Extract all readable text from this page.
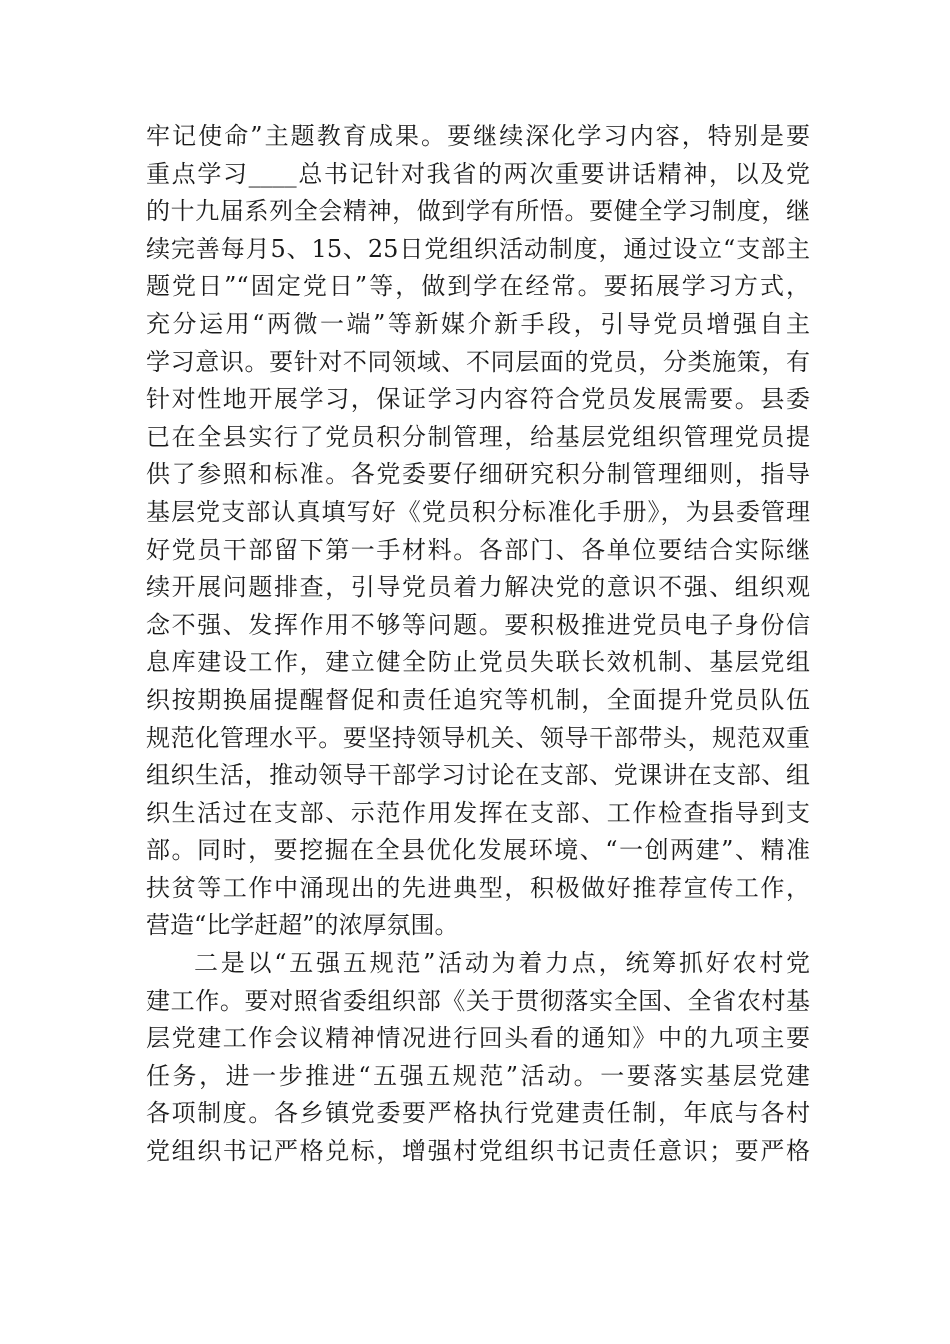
牢记使命”主题教育成果。要继续深化学习内容，特别是要
重点学习____总书记针对我省的两次重要讲话精神，以及党
的十九届系列全会精神，做到学有所悟。要健全学习制度，继
续完善每月5、15、25日党组织活动制度，通过设立“支部主
题党日”“固定党日”等，做到学在经常。要拓展学习方式，
充分运用“两微一端”等新媒介新手段，引导党员增强自主
学习意识。要针对不同领域、不同层面的党员，分类施策，有
针对性地开展学习，保证学习内容符合党员发展需要。县委
已在全县实行了党员积分制管理，给基层党组织管理党员提
供了参照和标准。各党委要仔细研究积分制管理细则，指导
基层党支部认真填写好《党员积分标准化手册》，为县委管理
好党员干部留下第一手材料。各部门、各单位要结合实际继
续开展问题排查，引导党员着力解决党的意识不强、组织观
念不强、发挥作用不够等问题。要积极推进党员电子身份信
息库建设工作，建立健全防止党员失联长效机制、基层党组
织按期换届提醒督促和责任追究等机制，全面提升党员队伍
规范化管理水平。要坚持领导机关、领导干部带头，规范双重
组织生活，推动领导干部学习讨论在支部、党课讲在支部、组
织生活过在支部、示范作用发挥在支部、工作检查指导到支
部。同时，要挖掘在全县优化发展环境、“一创两建”、精准
扶贫等工作中涌现出的先进典型，积极做好推荐宣传工作，
营造“比学赶超”的浓厚氛围。
二是以“五强五规范”活动为着力点，统筹抓好农村党
建工作。要对照省委组织部《关于贯彻落实全国、全省农村基
层党建工作会议精神情况进行回头看的通知》中的九项主要
任务，进一步推进“五强五规范”活动。一要落实基层党建
各项制度。各乡镇党委要严格执行党建责任制，年底与各村
党组织书记严格兑标，增强村党组织书记责任意识；要严格
